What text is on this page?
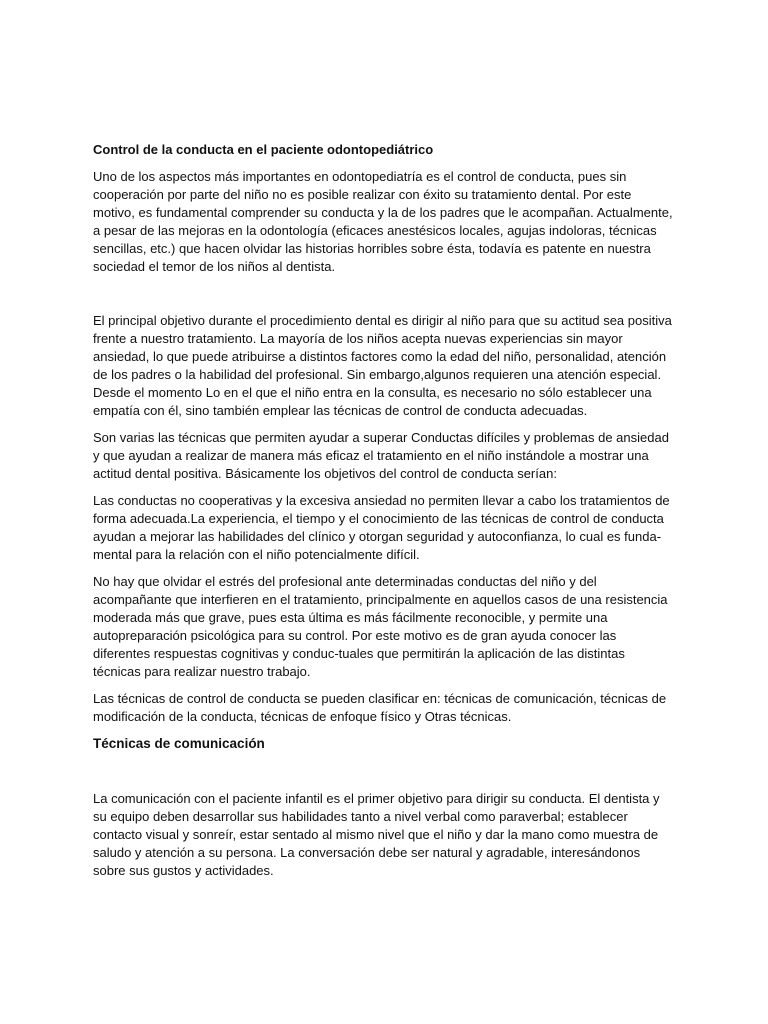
Control de la conducta en el paciente odontopediátrico

Uno de los aspectos más importantes en odontopediatría es el control de conducta, pues sin cooperación por parte del niño no es posible realizar con éxito su tratamiento dental. Por este motivo, es fundamental comprender su conducta y la de los padres que le acompañan. Actualmente, a pesar de las mejoras en la odontología (eficaces anestésicos locales, agujas indoloras, técnicas sencillas, etc.) que hacen olvidar las historias horribles sobre ésta, todavía es patente en nuestra sociedad el temor de los niños al dentista.

El principal objetivo durante el procedimiento dental es dirigir al niño para que su actitud sea positiva frente a nuestro tratamiento. La mayoría de los niños acepta nuevas experiencias sin mayor ansiedad, lo que puede atribuirse a distintos factores como la edad del niño, personalidad, atención de los padres o la habilidad del profesional. Sin embargo,algunos requieren una atención especial. Desde el momento Lo en el que el niño entra en la consulta, es necesario no sólo establecer una empatía con él, sino también emplear las técnicas de control de conducta adecuadas.

Son varias las técnicas que permiten ayudar a superar Conductas difíciles y problemas de ansiedad y que ayudan a realizar de manera más eficaz el tratamiento en el niño instándole a mostrar una actitud dental positiva. Básicamente los objetivos del control de conducta serían:

Las conductas no cooperativas y la excesiva ansiedad no permiten llevar a cabo los tratamientos de forma adecuada.La experiencia, el tiempo y el conocimiento de las técnicas de control de conducta ayudan a mejorar las habilidades del clínico y otorgan seguridad y autoconfianza, lo cual es funda-mental para la relación con el niño potencialmente difícil.

No hay que olvidar el estrés del profesional ante determinadas conductas del niño y del acompañante que interfieren en el tratamiento, principalmente en aquellos casos de una resistencia moderada más que grave, pues esta última es más fácilmente reconocible, y permite una autopreparación psicológica para su control. Por este motivo es de gran ayuda conocer las diferentes respuestas cognitivas y conduc-tuales que permitirán la aplicación de las distintas técnicas para realizar nuestro trabajo.

Las técnicas de control de conducta se pueden clasificar en: técnicas de comunicación, técnicas de modificación de la conducta, técnicas de enfoque físico y Otras técnicas.

Técnicas de comunicación

La comunicación con el paciente infantil es el primer objetivo para dirigir su conducta. El dentista y su equipo deben desarrollar sus habilidades tanto a nivel verbal como paraverbal; establecer contacto visual y sonreír, estar sentado al mismo nivel que el niño y dar la mano como muestra de saludo y atención a su persona. La conversación debe ser natural y agradable, interesándonos sobre sus gustos y actividades.
